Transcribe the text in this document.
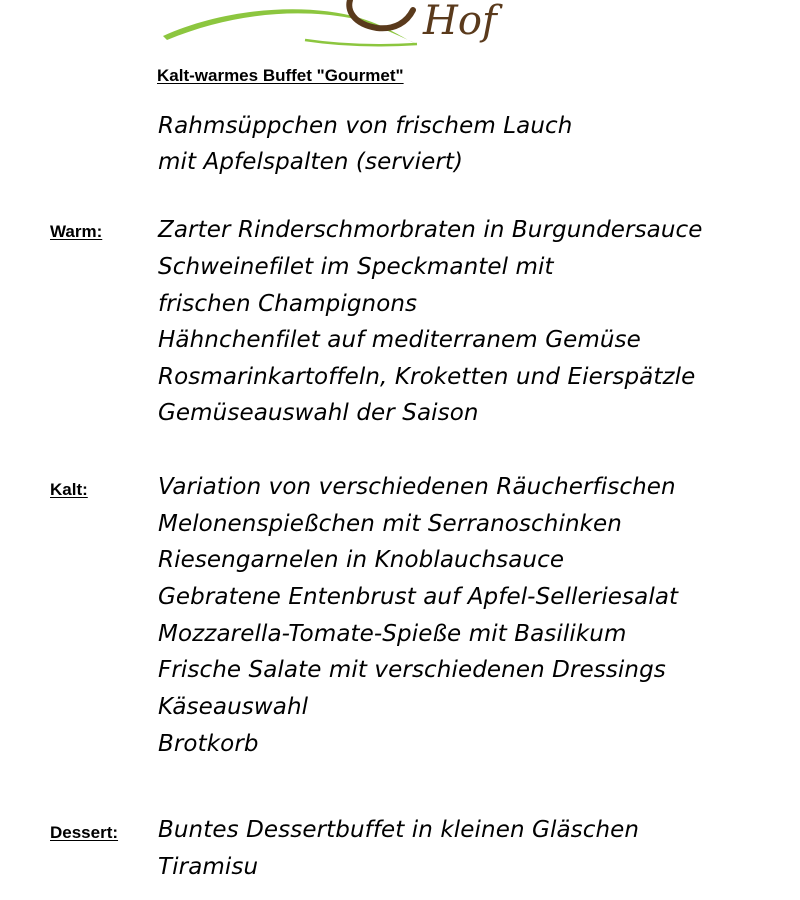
Hof
Kalt-warmes Buffet "Gourmet"
Rahmsüppchen von frischem Lauch
mit Apfelspalten (serviert)
Warm: Zarter Rinderschmorbraten in Burgundersauce
Schweinefilet im Speckmantel mit
frischen Champignons
Hähnchenfilet auf mediterranem Gemüse
Rosmarinkartoffeln, Kroketten und Eierspätzle
Gemüseauswahl der Saison
Kalt:	Variation von verschiedenen Räucherfischen
Melonenspießchen mit Serranoschinken
Riesengarnelen in Knoblauchsauce
Gebratene Entenbrust auf Apfel-Selleriesalat
Mozzarella-Tomate-Spieße mit Basilikum
Frische Salate mit verschiedenen Dressings
Käseauswahl
Brotkorb
Dessert: Buntes Dessertbuffet in kleinen Gläschen
Tiramisu
